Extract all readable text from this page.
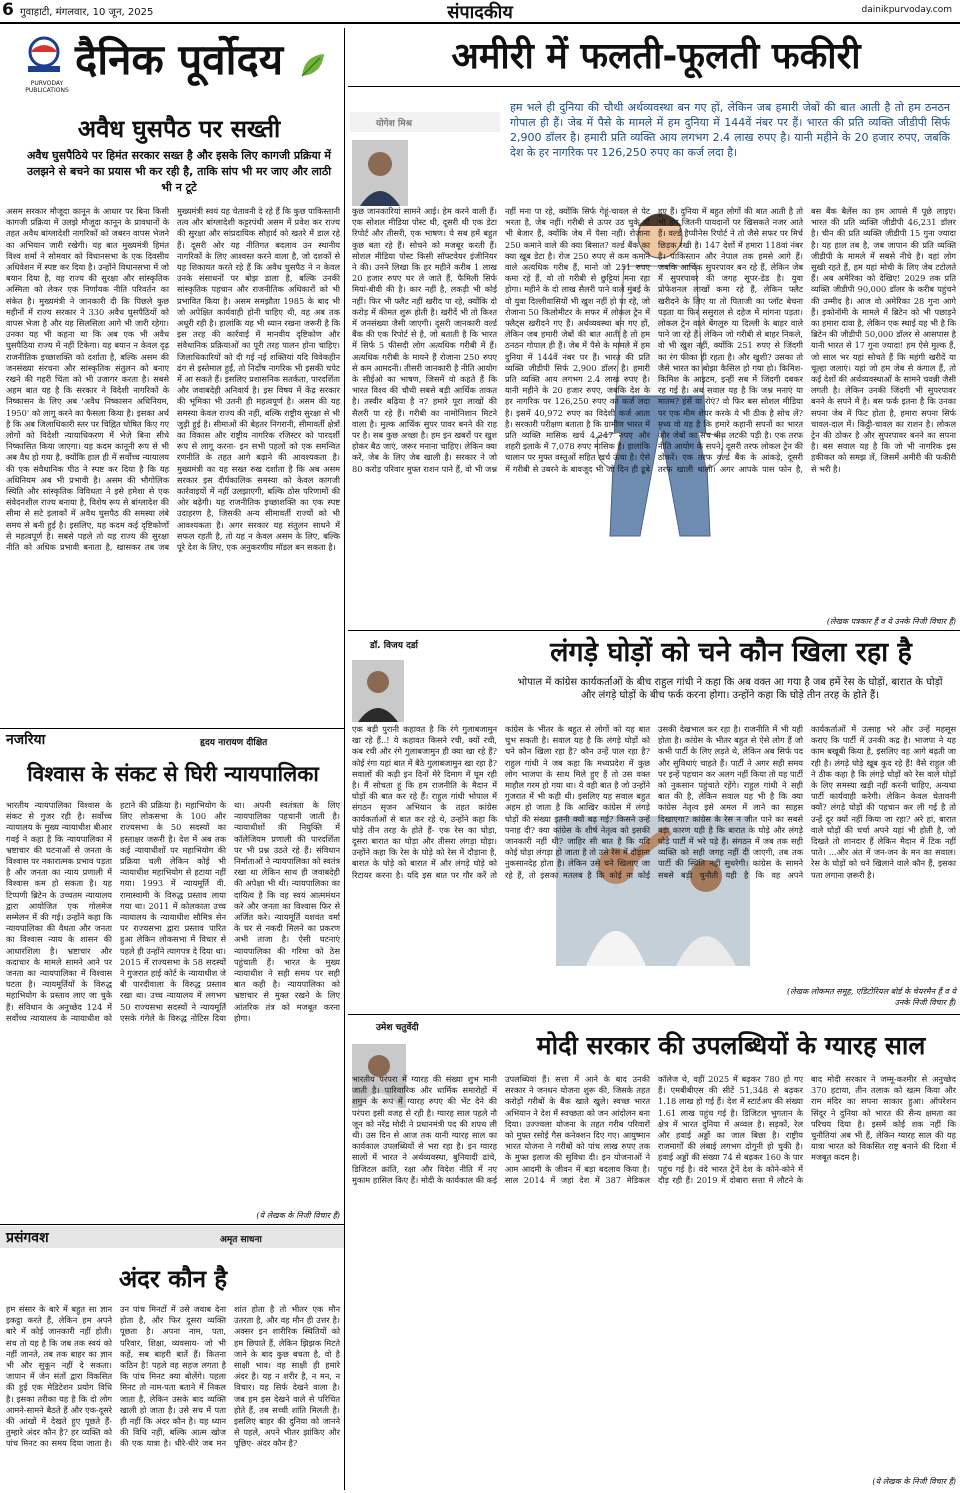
6 गुवाहाटी, मंगलवार, 10 जून, 2025	संपादकीय	dainikpurvoday.com
PURVODAY PUBLICATIONS
दैनिक पूर्वोदय
अवैध घुसपैठ पर सख्ती
अवैध घुसपैठिये पर हिमंत सरकार सख्त है और इसके लिए कागजी प्रक्रिया में उलझने से बचने का प्रयास भी कर रही है, ताकि सांप भी मर जाए और लाठी भी न टूटे
असम सरकार मौजूदा कानून के आधार पर बिना किसी कागजी प्रक्रिया में उलझे मौजूदा कानून के प्रावधानों के तहत अवैध बांग्लादेशी नागरिकों को जबरन वापस भेजने का अभियान जारी रखेगी। यह बात मुख्यमंत्री हिमंत विश्व शर्मा ने सोमवार को विधानसभा के एक दिवसीय अधिवेशन में स्पष्ट कर दिया है। उन्होंने विधानसभा में जो बयान दिया है, वह राज्य की सुरक्षा और सांस्कृतिक अस्मिता को लेकर एक निर्णायक नीति परिवर्तन का संकेत है। मुख्यमंत्री ने जानकारी दी कि पिछले कुछ महीनों में राज्य सरकार ने 330 अवैध घुसपैठियों को वापस भेजा है और यह सिलसिला आगे भी जारी रहेगा। उनका यह भी कहना था कि अब एक भी अवैध घुसपैठिया राज्य में नहीं टिकेगा। यह बयान न केवल दृढ़ राजनीतिक इच्छाशक्ति को दर्शाता है, बल्कि असम की जनसंख्या संरचना और सांस्कृतिक संतुलन को बनाए रखने की गहरी चिंता को भी उजागर करता है। सबसे अहम बात यह है कि सरकार ने विदेशी नागरिकों के निष्कासन के लिए अब 'अवैध निष्कासन अधिनियम, 1950' को लागू करने का फैसला किया है। इसका अर्थ है कि अब जिलाधिकारी स्तर पर चिह्नित घोषित किए गए लोगों को विदेशी न्यायाधिकरण में भेजे बिना सीधे निष्कासित किया जाएगा। यह कदम कानूनी रूप से भी अब वैध हो गया है, क्योंकि हाल ही में सर्वोच्च न्यायालय की एक संवैधानिक पीठ ने स्पष्ट कर दिया है कि यह अधिनियम अब भी प्रभावी है। असम की भौगोलिक स्थिति और सांस्कृतिक विविधता ने इसे हमेशा से एक संवेदनशील राज्य बनाया है, विशेष रूप से बांग्लादेश की सीमा से सटे इलाकों में अवैध घुसपैठ की समस्या लंबे समय से बनी हुई है। इसलिए, यह कदम कई दृष्टिकोणों से महत्वपूर्ण है। सबसे पहले तो यह राज्य की सुरक्षा नीति को अधिक प्रभावी बनाता है, खासकर तब जब मुख्यमंत्री स्वयं यह चेतावनी दे रहे हैं कि कुछ पाकिस्तानी तत्व और बांग्लादेशी कट्टरपंथी असम में प्रवेश कर राज्य की सुरक्षा और सांप्रदायिक सौहार्द को खतरे में डाल रहे हैं। दूसरी ओर यह नीतिगत बदलाव उन स्थानीय नागरिकों के लिए आश्वस्त करने वाला है, जो दशकों से यह शिकायत करते रहे हैं कि अवैध घुसपैठ ने न केवल उनके संसाधनों पर बोझ डाला है, बल्कि उनकी सांस्कृतिक पहचान और राजनीतिक अधिकारों को भी प्रभावित किया है। असम समझौता 1985 के बाद भी जो अपेक्षित कार्यवाही होनी चाहिए थी, वह अब तक अधूरी रही है। हालांकि यह भी ध्यान रखना जरूरी है कि इस तरह की कार्रवाई में मानवीय दृष्टिकोण और संवैधानिक प्रक्रियाओं का पूरी तरह पालन होना चाहिए। जिलाधिकारियों को दी गई नई शक्तियां यदि विवेकहीन ढंग से इस्तेमाल हुईं, तो निर्दोष नागरिक भी इसकी चपेट में आ सकते हैं। इसलिए प्रशासनिक सतर्कता, पारदर्शिता और जवाबदेही अनिवार्य है। इस विषय में केंद्र सरकार की भूमिका भी उतनी ही महत्वपूर्ण है। असम की यह समस्या केवल राज्य की नहीं, बल्कि राष्ट्रीय सुरक्षा से भी जुड़ी हुई है। सीमाओं की बेहतर निगरानी, सीमावर्ती क्षेत्रों का विकास और राष्ट्रीय नागरिक रजिस्टर को पारदर्शी रूप से लागू करना- इन सभी पहलों को एक समन्वित रणनीति के तहत आगे बढ़ाने की आवश्यकता है। मुख्यमंत्री का यह सख्त रुख दर्शाता है कि अब असम सरकार इस दीर्घकालिक समस्या को केवल कागजी कार्रवाइयों में नहीं उलझाएगी, बल्कि ठोस परिणामों की ओर बढ़ेगी। यह राजनीतिक इच्छाशक्ति का एक स्पष्ट उदाहरण है, जिसकी अन्य सीमावर्ती राज्यों को भी आवश्यकता है। अगर सरकार यह संतुलन साधने में सफल रहती है, तो यह न केवल असम के लिए, बल्कि पूरे देश के लिए, एक अनुकरणीय मॉडल बन सकता है।
नजरिया	हृदय नारायण दीक्षित
विश्वास के संकट से घिरी न्यायपालिका
भारतीय न्यायपालिका विश्वास के संकट से गुजर रही है। सर्वोच्च न्यायालय के मुख्य न्यायाधीश बीआर गवई ने कहा है कि न्यायपालिका में भ्रष्टाचार की घटनाओं से जनता के विश्वास पर नकारात्मक प्रभाव पड़ता है और जनता का न्याय प्रणाली में विश्वास कम हो सकता है। यह टिप्पणी ब्रिटेन के उच्चतम न्यायालय द्वारा आयोजित एक गोलमेज सम्मेलन में की गई। उन्होंने कहा कि न्यायपालिका की वैधता और जनता का विश्वास न्याय के शासन की आधारशिला है। भ्रष्टाचार और कदाचार के मामले सामने आने पर जनता का न्यायपालिका में विश्वास घटता है। न्यायमूर्तियों के विरुद्ध महाभियोग के प्रस्ताव लाए जा चुके हैं। संविधान के अनुच्छेद 124 में सर्वोच्च न्यायालय के न्यायाधीश को हटाने की प्रक्रिया है। महाभियोग के लिए लोकसभा के 100 और राज्यसभा के 50 सदस्यों का हस्ताक्षर जरूरी है। देश में अब तक कई न्यायाधीशों पर महाभियोग की प्रक्रिया चली लेकिन कोई भी न्यायाधीश महाभियोग से हटाया नहीं गया। 1993 में न्यायमूर्ति वी. रामास्वामी के विरुद्ध प्रस्ताव लाया गया था। 2011 में कोलकाता उच्च न्यायालय के न्यायाधीश सौमित्र सेन पर राज्यसभा द्वारा प्रस्ताव पारित हुआ लेकिन लोकसभा में विचार से पहले ही उन्होंने त्यागपत्र दे दिया था। 2015 में राज्यसभा के 58 सदस्यों ने गुजरात हाई कोर्ट के न्यायाधीश जे बी पारदीवाला के विरुद्ध प्रस्ताव रखा था। उच्च न्यायालय में लगभग 50 राज्यसभा सदस्यों ने न्यायमूर्ति एसके गंगेले के विरुद्ध नोटिस दिया था। अपनी स्वतंत्रता के लिए न्यायपालिका पहचानी जाती है। न्यायाधीशों की नियुक्ति में कॉलेजियम प्रणाली की पारदर्शिता पर भी प्रश्न उठते रहे हैं। संविधान निर्माताओं ने न्यायपालिका को स्वतंत्र रखा था लेकिन साथ ही जवाबदेही की अपेक्षा भी थी। न्यायपालिका का दायित्व है कि वह स्वयं आत्ममंथन करे और जनता का विश्वास फिर से अर्जित करे। न्यायमूर्ति यशवंत वर्मा के घर से नकदी मिलने का प्रकरण अभी ताजा है। ऐसी घटनाएं न्यायपालिका की गरिमा को ठेस पहुंचाती हैं। भारत के मुख्य न्यायाधीश ने सही समय पर सही बात कही है। न्यायपालिका को भ्रष्टाचार से मुक्त रखने के लिए आंतरिक तंत्र को मजबूत करना होगा।
(ये लेखक के निजी विचार हैं)
प्रसंगवश	अमृत साधना
अंदर कौन है
हम संसार के बारे में बहुत सा ज्ञान इकट्ठा करते हैं, लेकिन हम अपने बारे में कोई जानकारी नहीं होती। सच तो यह है कि जब तक स्वयं को नहीं जानते, तब तक बाहर का ज्ञान भी और सुकून नहीं दे सकता। जापान में जेन संतों द्वारा विकसित की हुई एक मेडिटेशन प्रयोग विधि है। इसका तरीका यह है कि दो लोग आमने-सामने बैठते हैं और एक-दूसरे की आंखों में देखते हुए पूछते हैं- तुम्हारे अंदर कौन है? हर व्यक्ति को पांच मिनट का समय दिया जाता है। उन पांच मिनटों में उसे जवाब देना होता है, और फिर दूसरा व्यक्ति पूछता है। अपना नाम, पता, परिवार, शिक्षा, व्यवसाय- जो भी कहें, सब बाहरी बातें हैं। कितना कठिन है! पहले वह सहज लगता है कि पांच मिनट क्या बोलेंगे। पहला मिनट तो नाम-पता बताने में निकल जाता है, लेकिन उसके बाद व्यक्ति खाली हो जाता है। उसे सच में पता ही नहीं कि अंदर कौन है। यह ध्यान की विधि नहीं, बल्कि आत्म खोज की एक यात्रा है। धीरे-धीरे जब मन शांत होता है तो भीतर एक मौन उतरता है, और वह मौन ही उत्तर है। अक्सर इन शारीरिक स्थितियों को हम छिपाते हैं, लेकिन झिझक मिटते जाने के बाद कुछ बचता है, वो है साक्षी भाव। वह साक्षी ही हमारे अंदर है। यह न शरीर है, न मन, न विचार। यह सिर्फ देखने वाला है। जब हम इस देखने वाले से परिचित होते हैं, तब सच्ची शांति मिलती है। इसलिए बाहर की दुनिया को जानने से पहले, अपने भीतर झांकिए और पूछिए- अंदर कौन है?
अमीरी में फलती-फूलती फकीरी
हम भले ही दुनिया की चौथी अर्थव्यवस्था बन गए हों, लेकिन जब हमारी जेबों की बात आती है तो हम ठनठन गोपाल ही हैं। जेब में पैसे के मामले में हम दुनिया में 144वें नंबर पर हैं। भारत की प्रति व्यक्ति जीडीपी सिर्फ 2,900 डॉलर है। हमारी प्रति व्यक्ति आय लगभग 2.4 लाख रुपए है। यानी महीने के 20 हजार रुपए, जबकि देश के हर नागरिक पर 126,250 रुपए का कर्ज लदा है।
कुछ जानकारियां सामने आई। हेम करने वाली हैं। एक सोशल मीडिया पोस्ट थी, दूसरी थी एक डेटा रिपोर्ट और तीसरी, एक भाषण। ये सब हमें बहुत कुछ बता रहे हैं। सोचने को मजबूर करती हैं। सोशल मीडिया पोस्ट किसी सॉफ्टवेयर इंजीनियर ने की। उनने लिखा कि हर महीने करीब 1 लाख 20 हजार रुपए घर ले जाते हैं, फैमिली सिर्फ मियां-बीवी की है। कार नहीं है, लकड़ी भी कोई नहीं। फिर भी फ्लैट नहीं खरीद पा रहे, क्योंकि दो करोड़ में कीमत शुरू होती है। खरीदें भी तो किश्त में जनसंख्या जैसी जाएगी। दूसरी जानकारी वर्ल्ड बैंक की एक रिपोर्ट से है, जो बताती है कि भारत में सिर्फ 5 फीसदी लोग अत्यधिक गरीबी में हैं। अत्यधिक गरीबी के मायने हैं रोजाना 250 रुपए से कम आमदनी। तीसरी जानकारी है नीति आयोग के सीईओ का भाषण, जिसमें वो कहते हैं कि भारत विश्व की चौथी सबसे बड़ी आर्थिक ताकत है। तस्वीर बढ़िया है न? हमारे पूरा लाखों की सैलरी पा रहे हैं। गरीबी का नामोनिशान मिटने वाला है। मुल्क आर्थिक सुपर पावर बनने की राह पर है। सब कुछ अच्छा है। हम इन खबरों पर खुश होकर बैठ जाएं, जरूर मनाना चाहिए। लेकिन क्या करें, जेब के लिए जेब खाली है। सरकार ने जो 80 करोड़ परिवार मुफ्त राशन पाने हैं, वो भी जश्न नहीं मना पा रहे, क्योंकि सिर्फ गेहूं-चावल से पेट भरता है, जेब नहीं। गरीबी से ऊपर उठ चुके वो भी बेजार हैं, क्योंकि जेब में पैसा नहीं। रोजाना 250 कमाने वाले की क्या बिसात? वर्ल्ड बैंक का क्या खूब डेटा है। रोज 250 रुपए से कम कमाने वाले अत्यधिक गरीब हैं, मानो जो 251 रुपए कमा रहे हैं, वो तो गरीबी से छुट्टियां मना रहा होगा। महीने के दो लाख सैलरी पाने वाले मुंबई के वो युवा दिल्लीवासियों भी खुश नहीं हो पा रहे, जो रोजाना 50 किलोमीटर के सफर में लोकल ट्रेन में फ्लैट्स खरीदने गए हैं। अर्थव्यवस्था बन गए हों, लेकिन जब हमारी जेबों की बात आती है तो हम ठनठन गोपाल ही हैं। जेब में पैसे के मामले में हम दुनिया में 144वें नंबर पर हैं। भारत की प्रति व्यक्ति जीडीपी सिर्फ 2,900 डॉलर है। हमारी प्रति व्यक्ति आय लगभग 2.4 लाख रुपए है। यानी महीने के 20 हजार रुपए, जबकि देश के हर नागरिक पर 126,250 रुपए का कर्ज लदा है। इसमें 40,972 रुपए का विदेशी कर्ज आता है। सरकारी परीक्षण बताता है कि ग्रामीण भारत में प्रति व्यक्ति मासिक खर्च 4,247 रुपए और शहरी इलाके में 7,078 रुपए मासिक है। हालांकि चालान पर मुफ्त वस्तुओं सहित खर्च ऊंचा है। ऐसे में गरीबी से उबरने के बावजूद भी जो दिन ही डूबे हुए हैं। दुनिया में बहुत लोगों की बात आती है तो भी हम जितनी पायदानों पर खिसकते नजर आते हैं। वर्ल्ड हैप्पीनेस रिपोर्ट ने तो जैसे सफर पर मिर्च छिड़क रखी है। 147 देशों में हमारा 118वां नंबर है। पाकिस्तान और नेपाल तक हमसे आगे हैं। जबकि आर्थिक सुपरपावर बन रहे हैं, लेकिन जेब में सुपरपावर की जगह सूपर-डेड है। युवा प्रोफेशनल लाखों कमा रहे हैं, लेकिन फ्लैट खरीदने के लिए या तो पिताजी का प्लॉट बेचना पड़ता या फिर ससुराल से दहेज में मांगना पड़ता। लोकल ट्रेन वाले बेंगलुरु या दिल्ली के बाहर वाले पाने जा रहे हैं। लेकिन जो गरीबी से बाहर निकले, वो भी खुश नहीं, क्योंकि 251 रुपए से जिंदगी का रंग फीका ही रहता है। और खुशी? उसका तो जैसे भारत का बोझा कैसिल हो गया हो। किमिश-किमिश के आइटम, इन्हीं सब में जिंदगी दबकर रह गई है। अब सवाल यह है कि जश्न मनाएं या मातम? हंसें या रोएं? वो फिर बस सोशल मीडिया पर एक मीम शेयर करके ये भी ठीक है सोच लें? मध्य वो यह है कि हमारे कहानी सपनों का भारत और जेबों का सच बीच लटकी पड़ी है। एक तरफ नीति आयोग के सपने, दूसरी तरफ लोकल ट्रेन की ठोकरें। एक तरफ वर्ल्ड बैंक के आंकड़े, दूसरी तरफ खाली थाली। अगर आपके पास फोन है, बस बैंक बैलेंस का हम आपसे मैं पूछे लाइए। भारत की प्रति व्यक्ति जीडीपी 46,231 डॉलर है। चीन की प्रति व्यक्ति जीडीपी 15 गुना ज्यादा है। यह हाल तब है, जब जापान की प्रति व्यक्ति जीडीपी के मामले में सबसे नीचे है। वहां लोग सुखी रहते हैं, हम यहां मोची के लिए जेब टटोलते हैं। अब अमेरिका को देखिए! 2029 तक प्रति व्यक्ति जीडीपी 90,000 डॉलर के करीब पहुंचने की उम्मीद है। आज वो अमेरिका 28 गुना आगे हैं। इकोनॉमी के मामले में ब्रिटेन को भी पछाड़ने का हमारा दावा है, लेकिन एक स्थाई यह भी है कि ब्रिटेन की जीडीपी 50,000 डॉलर से आसपास है यानी भारत से 17 गुना ज्यादा! हम ऐसे मुल्क हैं, जो साल भर यहां सोचते हैं कि महंगी खरीदें या चूल्हा जलाएं। यहां जो हम जेब से कंगाल हैं, तो कई देशों की अर्थव्यवस्थाओं के सामने चवन्नी जैसी लगती है। लेकिन उनकी जिंदगी भी सुपरपावर बनने के सपने में है। बस फर्क इतना है कि उनका सपना जेब में फिट होता है, हमारा सपना सिर्फ चावल-दाल में। किट्ठी-चावल का राशन है। लोकल ट्रेन की ठोकर है और सुपरपावर बनने का सपना है। बस सवाल यह है कि जो भी नागरिक इस हकीकत को समझ लें, जिसमें अमीरी की फकीरी से भरी है।
(लेखक पत्रकार हैं व ये उनके निजी विचार हैं)
डॉ. विजय दर्डा	लंगड़े घोड़ों को चने कौन खिला रहा है
भोपाल में कांग्रेस कार्यकर्ताओं के बीच राहुल गांधी ने कहा कि अब वक्त आ गया है जब हमें रेस के घोड़ों, बारात के घोड़ों और लंगड़े घोड़ों के बीच फर्क करना होगा। उन्होंने कहा कि घोड़े तीन तरह के होते हैं।
एक बड़ी पुरानी कहावत है कि रंगे गुलाबजामुन खा रहे हैं..! ये कहावत किसने रची, क्यों रची, कब रची और रंगे गुलाबजामुन ही क्या खा रहे हैं? कोई रंगा यहां बात में बैठे गुलाबजामुन खा रहा है? सवालों की कड़ी इन दिनों मेरे दिमाग में घूम रही है। मैं सोचता हूं कि हम राजनीति के मैदान में घोड़ों की बात कर रहे हैं। राहुल गांधी भोपाल में संगठन सृजन अभियान के तहत कांग्रेस कार्यकर्ताओं से बात कर रहे थे, उन्होंने कहा कि घोड़े तीन तरह के होते हैं- एक रेस का घोड़ा, दूसरा बारात का घोड़ा और तीसरा लंगड़ा घोड़ा। उन्होंने कहा कि रेस के घोड़े को रेस में दौड़ाना है, बारात के घोड़े को बारात में और लंगड़े घोड़े को रिटायर करना है। यदि इस बात पर गौर करें तो कांग्रेस के भीतर के बहुत से लोगों को यह बात चुभ सकती है। सवाल यह है कि लंगड़े घोड़ों को चने कौन खिला रहा है? कौन उन्हें पाल रहा है? राहुल गांधी ने जब कहा कि मध्यप्रदेश में कुछ लोग भाजपा के साथ मिले हुए हैं तो उस वक्त माहौल गरम हो गया था। ये वही बात है जो उन्होंने गुजरात में भी कही थी। इसलिए यह सवाल बहुत अहम हो जाता है कि आखिर कांग्रेस में लंगड़े घोड़ों की संख्या इतनी क्यों बढ़ गई? किसने उन्हें पनाह दी? क्या कांग्रेस के शीर्ष नेतृत्व को इसकी जानकारी नहीं थी? जाहिर सी बात है कि यदि कोई घोड़ा लंगड़ा हो जाता है तो उसे रेस में दौड़ाना नुकसानदेह होता है। लेकिन उसे चने खिलाए जा रहे हैं, तो इसका मतलब है कि कोई ना कोई उसकी देखभाल कर रहा है। राजनीति में भी यही होता है। कांग्रेस के भीतर बहुत से ऐसे लोग हैं जो कभी पार्टी के लिए लड़ते थे, लेकिन अब सिर्फ पद और सुविधाएं चाहते हैं। पार्टी ने अगर सही समय पर इन्हें पहचान कर अलग नहीं किया तो यह पार्टी को नुकसान पहुंचाते रहेंगे। राहुल गांधी ने सही बात की है, लेकिन सवाल यह भी है कि क्या कांग्रेस नेतृत्व इसे अमल में लाने का साहस दिखाएगा? कांग्रेस के रेस न जीत पाने का सबसे बड़ा कारण यही है कि बारात के घोड़े और लंगड़े घोड़े पार्टी में भरे पड़े हैं। संगठन में जब तक सही व्यक्ति को सही जगह नहीं दी जाएगी, तब तक पार्टी की स्थिति नहीं सुधरेगी। कांग्रेस के सामने सबसे बड़ी चुनौती यही है कि वह अपने कार्यकर्ताओं में उत्साह भरे और उन्हें महसूस कराए कि पार्टी में उनकी कद्र है। भाजपा ने यह काम बखूबी किया है, इसलिए वह आगे बढ़ती जा रही है। लंगड़े घोड़े खूब कूद रहे हैं! वैसे राहुल जी ने ठीक कहा है कि लंगड़े घोड़ों को रेस वाले घोड़ों के लिए समस्या खड़ी नहीं करनी चाहिए, अन्यथा पार्टी कार्यवाही करेगी। लेकिन केवल चेतावनी क्यों? लंगड़े घोड़ों की पहचान कर ली गई है तो उन्हें दूर क्यों नहीं किया जा रहा? अरे हां, बारात वाले घोड़ों की चर्चा अपने यहां भी होती है, जो दिखते तो शानदार हैं लेकिन मैदान में टिक नहीं पाते। ...और अंत में जन-जन के मन का सवाल। रेस के घोड़ों को चने खिलाने वाले कौन हैं, इसका पता लगाना ज़रूरी है।
(लेखक लोकमत समूह, एडिटोरियल बोर्ड के चेयरमैन हैं व ये उनके निजी विचार हैं)
उमेश चतुर्वेदी
मोदी सरकार की उपलब्धियों के ग्यारह साल
भारतीय परंपरा में ग्यारह की संख्या शुभ मानी जाती है। पारिवारिक और धार्मिक समारोहों में शगुन के रूप में ग्यारह रुपए की भेंट देने की परंपरा इसी वजह से रही है। ग्यारह साल पहले नौ जून को नरेंद्र मोदी ने प्रधानमंत्री पद की शपथ ली थी। उस दिन से आज तक यानी ग्यारह साल का कार्यकाल उपलब्धियों से भरा रहा है। इन ग्यारह सालों में भारत ने अर्थव्यवस्था, बुनियादी ढांचे, डिजिटल क्रांति, रक्षा और विदेश नीति में नए मुकाम हासिल किए हैं। मोदी के कार्यकाल की कई उपलब्धियां हैं। सत्ता में आने के बाद उनकी सरकार ने जनधन योजना शुरू की, जिसके तहत करोड़ों गरीबों के बैंक खाते खुले। स्वच्छ भारत अभियान ने देश में स्वच्छता को जन आंदोलन बना दिया। उज्ज्वला योजना के तहत गरीब परिवारों को मुफ्त रसोई गैस कनेक्शन दिए गए। आयुष्मान भारत योजना ने गरीबों को पांच लाख रुपए तक के मुफ्त इलाज की सुविधा दी। इन योजनाओं ने आम आदमी के जीवन में बड़ा बदलाव किया है। साल 2014 में जहां देश में 387 मेडिकल कॉलेज थे, वहीं 2025 में बढ़कर 780 हो गए हैं। एमबीबीएस की सीटें 51,348 से बढ़कर 1.18 लाख हो गई हैं। देश में स्टार्टअप की संख्या 1.61 लाख पहुंच गई है। डिजिटल भुगतान के क्षेत्र में भारत दुनिया में अव्वल है। सड़कों, रेल और हवाई अड्डों का जाल बिछा है। राष्ट्रीय राजमार्गों की लंबाई लगभग दोगुनी हो चुकी है। हवाई अड्डों की संख्या 74 से बढ़कर 160 के पार पहुंच गई है। वंदे भारत ट्रेनें देश के कोने-कोने में दौड़ रही हैं। 2019 में दोबारा सत्ता में लौटने के बाद मोदी सरकार ने जम्मू-कश्मीर से अनुच्छेद 370 हटाया, तीन तलाक को खत्म किया और राम मंदिर का सपना साकार हुआ। ऑपरेशन सिंदूर ने दुनिया को भारत की सैन्य क्षमता का परिचय दिया है। इसमें कोई शक नहीं कि चुनौतियां अब भी हैं, लेकिन ग्यारह साल की यह यात्रा भारत को विकसित राष्ट्र बनाने की दिशा में मजबूत कदम है।
(ये लेखक के निजी विचार हैं)
